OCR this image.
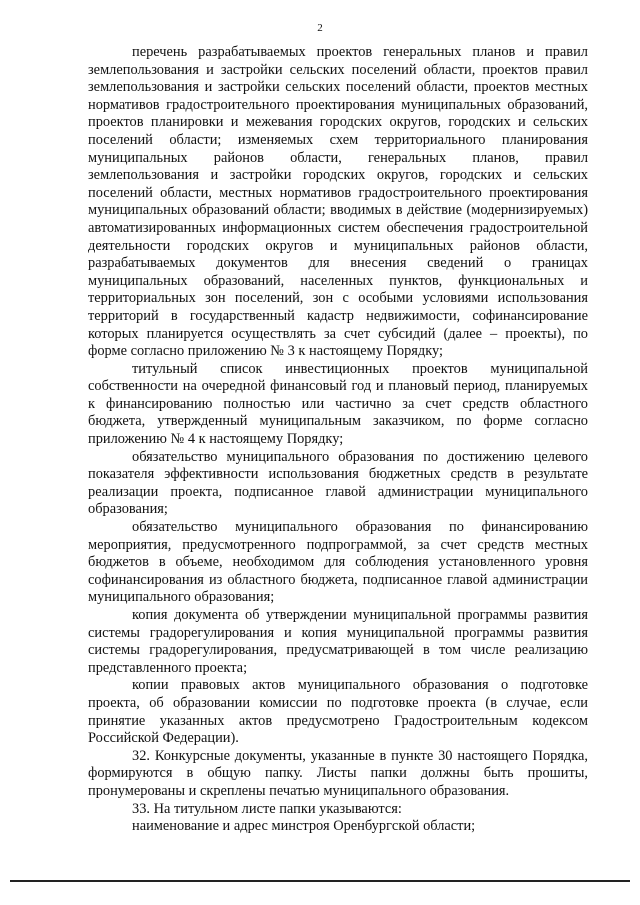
2

перечень разрабатываемых проектов генеральных планов и правил землепользования и застройки сельских поселений области, проектов правил землепользования и застройки сельских поселений области, проектов местных нормативов градостроительного проектирования муниципальных образований, проектов планировки и межевания городских округов, городских и сельских поселений области; изменяемых схем территориального планирования муниципальных районов области, генеральных планов, правил землепользования и застройки городских округов, городских и сельских поселений области, местных нормативов градостроительного проектирования муниципальных образований области; вводимых в действие (модернизируемых) автоматизированных информационных систем обеспечения градостроительной деятельности городских округов и муниципальных районов области, разрабатываемых документов для внесения сведений о границах муниципальных образований, населенных пунктов, функциональных и территориальных зон поселений, зон с особыми условиями использования территорий в государственный кадастр недвижимости, софинансирование которых планируется осуществлять за счет субсидий (далее – проекты), по форме согласно приложению № 3 к настоящему Порядку;

титульный список инвестиционных проектов муниципальной собственности на очередной финансовый год и плановый период, планируемых к финансированию полностью или частично за счет средств областного бюджета, утвержденный муниципальным заказчиком, по форме согласно приложению № 4 к настоящему Порядку;

обязательство муниципального образования по достижению целевого показателя эффективности использования бюджетных средств в результате реализации проекта, подписанное главой администрации муниципального образования;

обязательство муниципального образования по финансированию мероприятия, предусмотренного подпрограммой, за счет средств местных бюджетов в объеме, необходимом для соблюдения установленного уровня софинансирования из областного бюджета, подписанное главой администрации муниципального образования;

копия документа об утверждении муниципальной программы развития системы градорегулирования и копия муниципальной программы развития системы градорегулирования, предусматривающей в том числе реализацию представленного проекта;

копии правовых актов муниципального образования о подготовке проекта, об образовании комиссии по подготовке проекта (в случае, если принятие указанных актов предусмотрено Градостроительным кодексом Российской Федерации).

32. Конкурсные документы, указанные в пункте 30 настоящего Порядка, формируются в общую папку. Листы папки должны быть прошиты, пронумерованы и скреплены печатью муниципального образования.

33. На титульном листе папки указываются:

наименование и адрес минстроя Оренбургской области;
